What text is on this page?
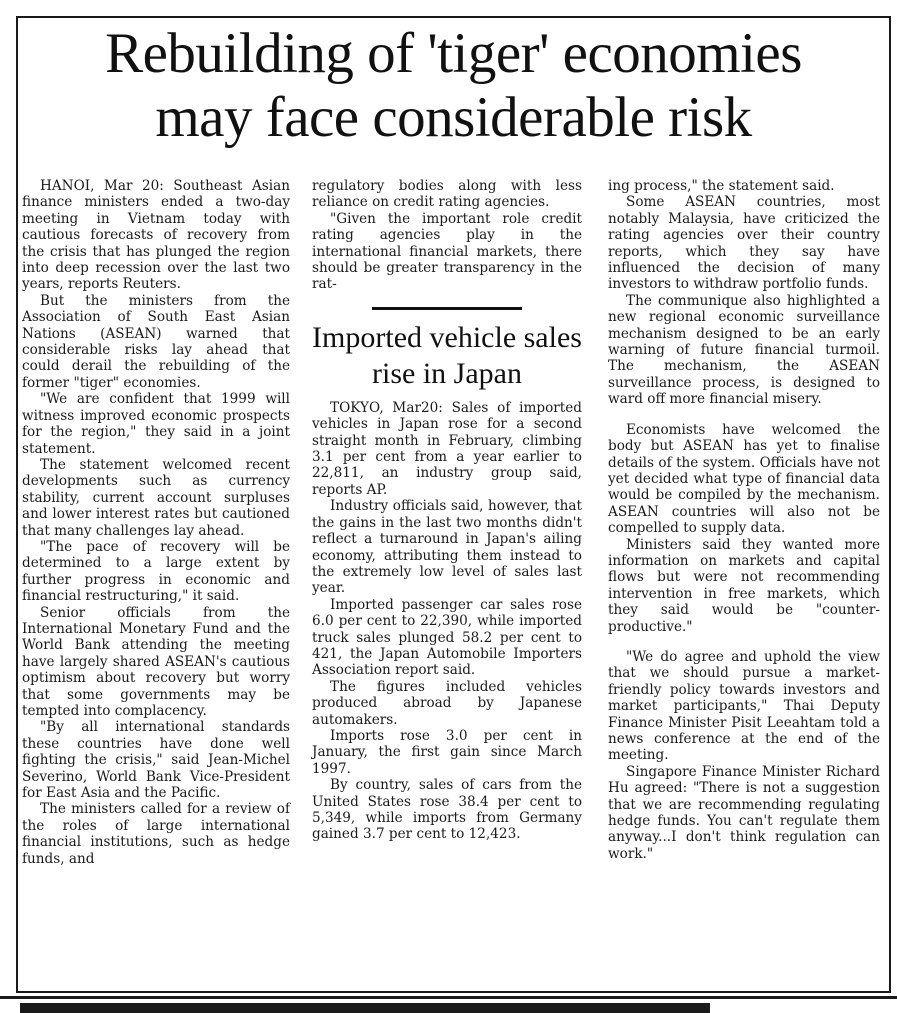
Rebuilding of 'tiger' economies
may face considerable risk

HANOI, Mar 20: Southeast Asian finance ministers ended a two-day meeting in Vietnam today with cautious forecasts of recovery from the crisis that has plunged the region into deep recession over the last two years, reports Reuters.

But the ministers from the Association of South East Asian Nations (ASEAN) warned that considerable risks lay ahead that could derail the rebuilding of the former "tiger" economies.

"We are confident that 1999 will witness improved economic prospects for the region," they said in a joint statement.

The statement welcomed recent developments such as currency stability, current account surpluses and lower interest rates but cautioned that many challenges lay ahead.

"The pace of recovery will be determined to a large extent by further progress in economic and financial restructuring," it said.

Senior officials from the International Monetary Fund and the World Bank attending the meeting have largely shared ASEAN's cautious optimism about recovery but worry that some governments may be tempted into complacency.

"By all international standards these countries have done well fighting the crisis," said Jean-Michel Severino, World Bank Vice-President for East Asia and the Pacific.

The ministers called for a review of the roles of large international financial institutions, such as hedge funds, and

regulatory bodies along with less reliance on credit rating agencies.

"Given the important role credit rating agencies play in the international financial markets, there should be greater transparency in the rat-

Imported vehicle sales rise in Japan

TOKYO, Mar20: Sales of imported vehicles in Japan rose for a second straight month in February, climbing 3.1 per cent from a year earlier to 22,811, an industry group said, reports AP.

Industry officials said, however, that the gains in the last two months didn't reflect a turnaround in Japan's ailing economy, attributing them instead to the extremely low level of sales last year.

Imported passenger car sales rose 6.0 per cent to 22,390, while imported truck sales plunged 58.2 per cent to 421, the Japan Automobile Importers Association report said.

The figures included vehicles produced abroad by Japanese automakers.

Imports rose 3.0 per cent in January, the first gain since March 1997.

By country, sales of cars from the United States rose 38.4 per cent to 5,349, while imports from Germany gained 3.7 per cent to 12,423.

ing process," the statement said.

Some ASEAN countries, most notably Malaysia, have criticized the rating agencies over their country reports, which they say have influenced the decision of many investors to withdraw portfolio funds.

The communique also highlighted a new regional economic surveillance mechanism designed to be an early warning of future financial turmoil. The mechanism, the ASEAN surveillance process, is designed to ward off more financial misery.

Economists have welcomed the body but ASEAN has yet to finalise details of the system. Officials have not yet decided what type of financial data would be compiled by the mechanism. ASEAN countries will also not be compelled to supply data.

Ministers said they wanted more information on markets and capital flows but were not recommending intervention in free markets, which they said would be "counter-productive."

"We do agree and uphold the view that we should pursue a market-friendly policy towards investors and market participants," Thai Deputy Finance Minister Pisit Leeahtam told a news conference at the end of the meeting.

Singapore Finance Minister Richard Hu agreed: "There is not a suggestion that we are recommending regulating hedge funds. You can't regulate them anyway...I don't think regulation can work."
